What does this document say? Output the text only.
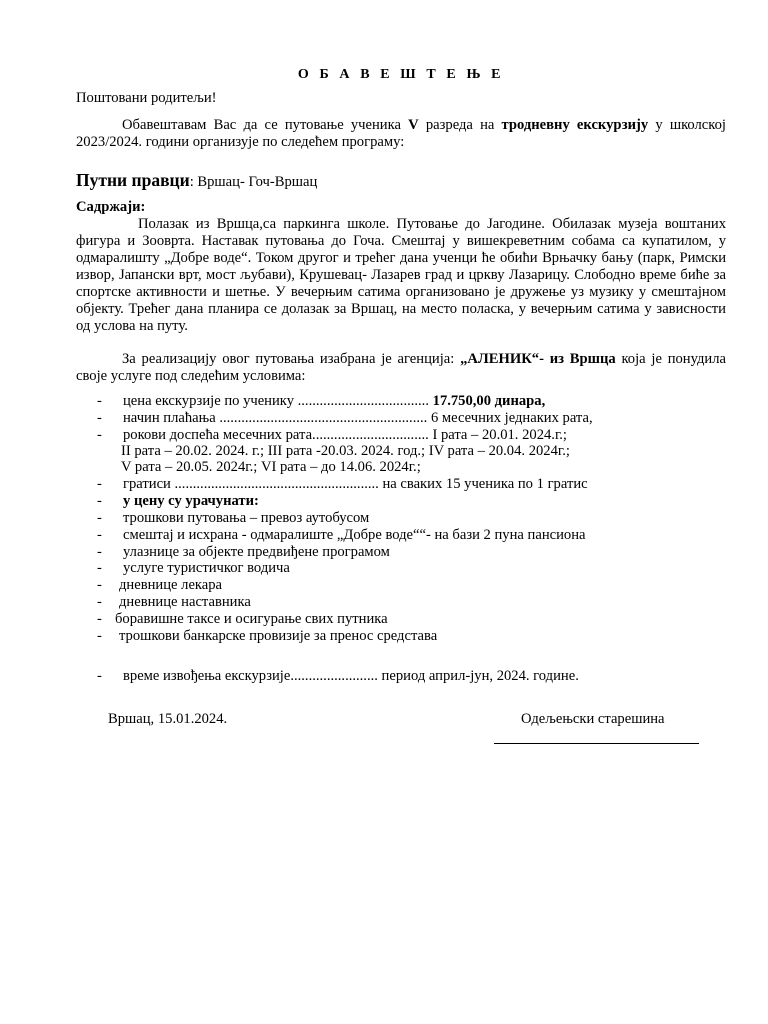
О Б А В Е Ш Т Е Њ Е
Поштовани родитељи!
Обавештавам Вас да се путовање ученика V разреда на тродневну екскурзију у школској 2023/2024. години организује по следећем програму:
Путни правци: Вршац- Гоч-Вршац
Садржаји:
Полазак из Вршца,са паркинга школе. Путовање до Јагодине. Обилазак музеја воштаних фигура и Зоовртa. Наставак путовања до Гоча. Смештај у вишекреветним собама са купатилом, у одмаралишту „Добре воде“. Током другог и трећег дана ученци ће обићи Врњачку бању (парк, Римски извор, Јапански врт, мост љубави), Крушевац- Лазарев град и цркву Лазарицу. Слободно време биће за спортске активности и шетње. У вечерњим сатима организовано је дружење уз музику у смештајном објекту. Трећег дана планира се долазак за Вршац, на место поласка, у вечерњим сатима у зависности од услова на путу.
За реализацију овог путовања изабрана је агенција: „АЛЕНИК“- из Вршца која је понудила своје услуге под следећим условима:
- цена екскурзије по ученику .................................... 17.750,00 динара,
- начин плаћања ......................................................... 6 месечних једнаких рата,
- рокови доспећа месечних рата................................ I рата – 20.01. 2024.г.;
II рата – 20.02. 2024. г.; III рата -20.03. 2024. год.; IV рата – 20.04. 2024г.;
V рата – 20.05. 2024г.; VI рата – до 14.06. 2024г.;
- гратиси ........................................................ на сваких 15 ученика по 1 гратис
- у цену су урачунати:
- трошкови путовања – превоз аутобусом
- смештај и исхрана - одмаралиште „Добре воде““- на бази 2 пуна пансиона
- улазнице за објекте предвиђене програмом
- услуге туристичког водича
- дневнице лекара
- дневнице наставника
- боравишне таксе и осигурање свих путника
- трошкови банкарске провизије за пренос средстава
- време извођења екскурзије........................ период април-јун, 2024. године.
Вршац, 15.01.2024.	Одељењски старешина
